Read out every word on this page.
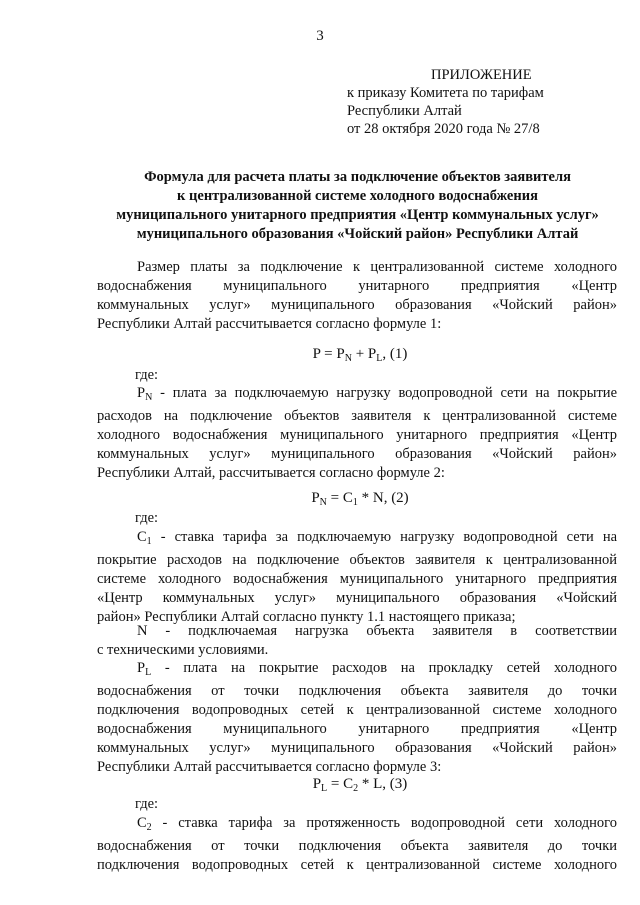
3
ПРИЛОЖЕНИЕ
к приказу Комитета по тарифам
Республики Алтай
от 28 октября 2020 года № 27/8
Формула для расчета платы за подключение объектов заявителя
к централизованной системе холодного водоснабжения
муниципального унитарного предприятия «Центр коммунальных услуг»
муниципального образования «Чойский район» Республики Алтай
Размер платы за подключение к централизованной системе холодного
водоснабжения муниципального унитарного предприятия «Центр
коммунальных услуг» муниципального образования «Чойский район»
Республики Алтай рассчитывается согласно формуле 1:
$P = P_N + P_L$, (1)
где:
$P_N$ - плата за подключаемую нагрузку водопроводной сети на покрытие
расходов на подключение объектов заявителя к централизованной системе
холодного водоснабжения муниципального унитарного предприятия «Центр
коммунальных услуг» муниципального образования «Чойский район»
Республики Алтай, рассчитывается согласно формуле 2:
$P_N = C_1 * N$, (2)
где:
$C_1$ - ставка тарифа за подключаемую нагрузку водопроводной сети на
покрытие расходов на подключение объектов заявителя к централизованной
системе холодного водоснабжения муниципального унитарного предприятия
«Центр коммунальных услуг» муниципального образования «Чойский
район» Республики Алтай согласно пункту 1.1 настоящего приказа;
N - подключаемая нагрузка объекта заявителя в соответствии
с техническими условиями.
$P_L$ - плата на покрытие расходов на прокладку сетей холодного
водоснабжения от точки подключения объекта заявителя до точки
подключения водопроводных сетей к централизованной системе холодного
водоснабжения муниципального унитарного предприятия «Центр
коммунальных услуг» муниципального образования «Чойский район»
Республики Алтай рассчитывается согласно формуле 3:
$P_L = C_2 * L$, (3)
где:
$C_2$ - ставка тарифа за протяженность водопроводной сети холодного
водоснабжения от точки подключения объекта заявителя до точки
подключения водопроводных сетей к централизованной системе холодного
